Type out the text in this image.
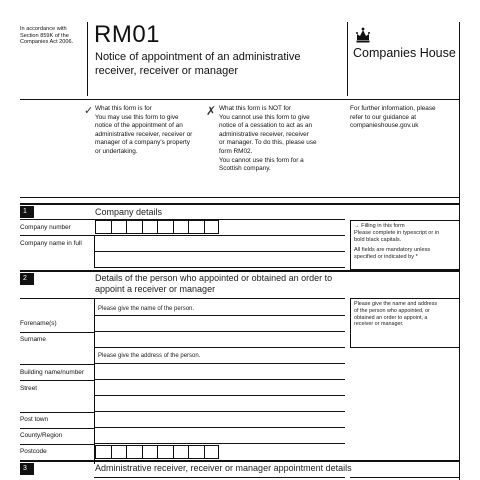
In accordance with
Section 859K of the
Companies Act 2006. RM01
Notice of appointment of an administrative
receiver, receiver or manager
Companies House
✓ What this form is for
You may use this form to give
notice of the appointment of an
administrative receiver, receiver or
manager of a company's property
or undertaking.
✗ What this form is NOT for
You cannot use this form to give
notice of a cessation to act as an
administrative receiver, receiver
or manager. To do this, please use
form RM02.
You cannot use this form for a
Scottish company.
For further information, please
refer to our guidance at
companieshouse.gov.uk
1	Company details
Company number
Company name in full
→ Filling in this form
Please complete in typescript or in
bold black capitals.
All fields are mandatory unless
specified or indicated by *
2	Details of the person who appointed or obtained an order to
appoint a receiver or manager
Please give the name of the person.
Forename(s)
Surname
Please give the address of the person.
Building name/number
Street
Post town
County/Region
Postcode
Please give the name and address
of the person who appointed, or
obtained an order to appoint, a
receiver or manager.
3	Administrative receiver, receiver or manager appointment details
